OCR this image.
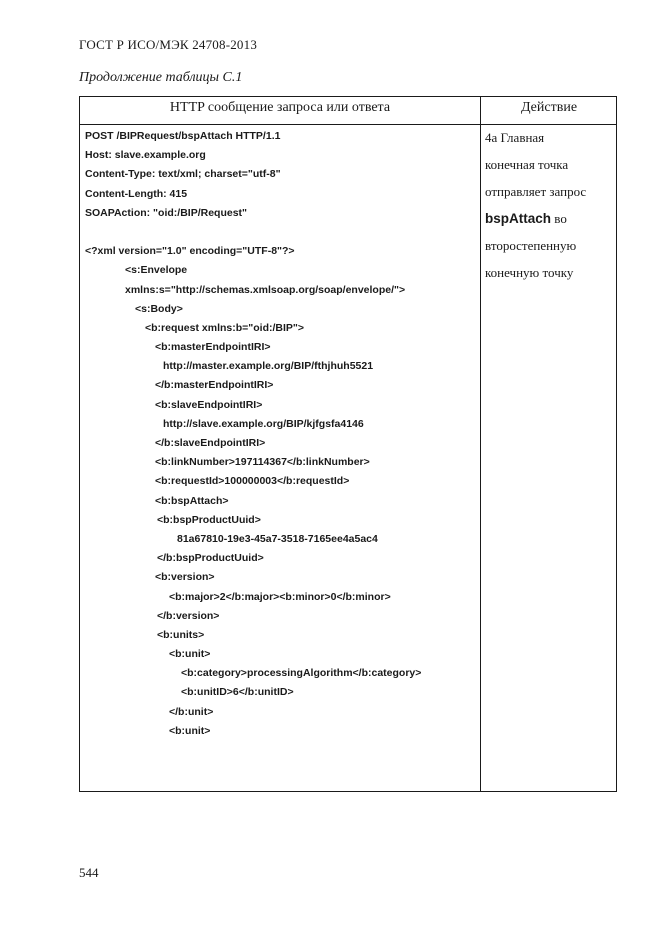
ГОСТ Р ИСО/МЭК 24708-2013
Продолжение таблицы С.1
HTTP сообщение запроса или ответа	Действие
POST /BIPRequest/bspAttach HTTP/1.1
Host: slave.example.org
Content-Type: text/xml; charset="utf-8"
Content-Length: 415
SOAPAction: "oid:/BIP/Request"
<?xml version="1.0" encoding="UTF-8"?>
<s:Envelope
xmlns:s="http://schemas.xmlsoap.org/soap/envelope/">
<s:Body>
<b:request xmlns:b="oid:/BIP">
<b:masterEndpointIRI>
http://master.example.org/BIP/fthjhuh5521
</b:masterEndpointIRI>
<b:slaveEndpointIRI>
http://slave.example.org/BIP/kjfgsfa4146
</b:slaveEndpointIRI>
<b:linkNumber>197114367</b:linkNumber>
<b:requestId>100000003</b:requestId>
<b:bspAttach>
<b:bspProductUuid>
81a67810-19e3-45a7-3518-7165ee4a5ac4
</b:bspProductUuid>
<b:version>
<b:major>2</b:major><b:minor>0</b:minor>
</b:version>
<b:units>
<b:unit>
<b:category>processingAlgorithm</b:category>
<b:unitID>6</b:unitID>
</b:unit>
<b:unit>
4a Главная
конечная точка
отправляет запрос
bspAttach во
второстепенную
конечную точку
544
